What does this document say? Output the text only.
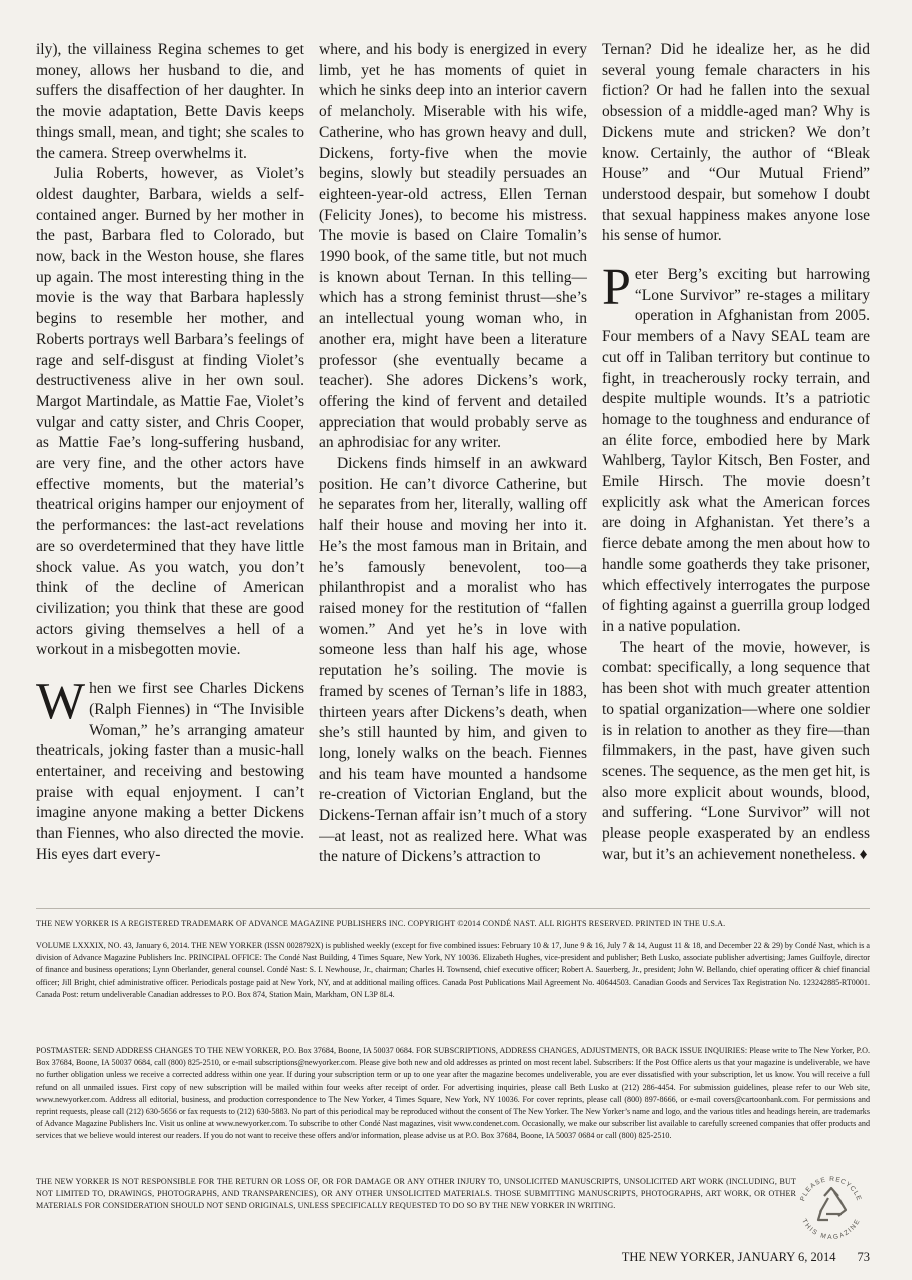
ily), the villainess Regina schemes to get money, allows her husband to die, and suffers the disaffection of her daughter. In the movie adaptation, Bette Davis keeps things small, mean, and tight; she scales to the camera. Streep overwhelms it.

Julia Roberts, however, as Violet’s oldest daughter, Barbara, wields a self-contained anger. Burned by her mother in the past, Barbara fled to Colorado, but now, back in the Weston house, she flares up again. The most interesting thing in the movie is the way that Barbara haplessly begins to resemble her mother, and Roberts portrays well Barbara’s feelings of rage and self-disgust at finding Violet’s destructiveness alive in her own soul. Margot Martindale, as Mattie Fae, Violet’s vulgar and catty sister, and Chris Cooper, as Mattie Fae’s long-suffering husband, are very fine, and the other actors have effective moments, but the material’s theatrical origins hamper our enjoyment of the performances: the last-act revelations are so overdetermined that they have little shock value. As you watch, you don’t think of the decline of American civilization; you think that these are good actors giving themselves a hell of a workout in a misbegotten movie.

When we first see Charles Dickens (Ralph Fiennes) in “The Invisible Woman,” he’s arranging amateur theatricals, joking faster than a music-hall entertainer, and receiving and bestowing praise with equal enjoyment. I can’t imagine anyone making a better Dickens than Fiennes, who also directed the movie. His eyes dart every-

where, and his body is energized in every limb, yet he has moments of quiet in which he sinks deep into an interior cavern of melancholy. Miserable with his wife, Catherine, who has grown heavy and dull, Dickens, forty-five when the movie begins, slowly but steadily persuades an eighteen-year-old actress, Ellen Ternan (Felicity Jones), to become his mistress. The movie is based on Claire Tomalin’s 1990 book, of the same title, but not much is known about Ternan. In this telling—which has a strong feminist thrust—she’s an intellectual young woman who, in another era, might have been a literature professor (she eventually became a teacher). She adores Dickens’s work, offering the kind of fervent and detailed appreciation that would probably serve as an aphrodisiac for any writer.

Dickens finds himself in an awkward position. He can’t divorce Catherine, but he separates from her, literally, walling off half their house and moving her into it. He’s the most famous man in Britain, and he’s famously benevolent, too—a philanthropist and a moralist who has raised money for the restitution of “fallen women.” And yet he’s in love with someone less than half his age, whose reputation he’s soiling. The movie is framed by scenes of Ternan’s life in 1883, thirteen years after Dickens’s death, when she’s still haunted by him, and given to long, lonely walks on the beach. Fiennes and his team have mounted a handsome re-creation of Victorian England, but the Dickens-Ternan affair isn’t much of a story—at least, not as realized here. What was the nature of Dickens’s attraction to

Ternan? Did he idealize her, as he did several young female characters in his fiction? Or had he fallen into the sexual obsession of a middle-aged man? Why is Dickens mute and stricken? We don’t know. Certainly, the author of “Bleak House” and “Our Mutual Friend” understood despair, but somehow I doubt that sexual happiness makes anyone lose his sense of humor.

Peter Berg’s exciting but harrowing “Lone Survivor” re-stages a military operation in Afghanistan from 2005. Four members of a Navy SEAL team are cut off in Taliban territory but continue to fight, in treacherously rocky terrain, and despite multiple wounds. It’s a patriotic homage to the toughness and endurance of an élite force, embodied here by Mark Wahlberg, Taylor Kitsch, Ben Foster, and Emile Hirsch. The movie doesn’t explicitly ask what the American forces are doing in Afghanistan. Yet there’s a fierce debate among the men about how to handle some goatherds they take prisoner, which effectively interrogates the purpose of fighting against a guerrilla group lodged in a native population.

The heart of the movie, however, is combat: specifically, a long sequence that has been shot with much greater attention to spatial organization—where one soldier is in relation to another as they fire—than filmmakers, in the past, have given such scenes. The sequence, as the men get hit, is also more explicit about wounds, blood, and suffering. “Lone Survivor” will not please people exasperated by an endless war, but it’s an achievement nonetheless. ♦

THE NEW YORKER IS A REGISTERED TRADEMARK OF ADVANCE MAGAZINE PUBLISHERS INC. COPYRIGHT ©2014 CONDÉ NAST. ALL RIGHTS RESERVED. PRINTED IN THE U.S.A.

VOLUME LXXXIX, NO. 43, January 6, 2014. THE NEW YORKER (ISSN 0028792X) is published weekly (except for five combined issues: February 10 & 17, June 9 & 16, July 7 & 14, August 11 & 18, and December 22 & 29) by Condé Nast, which is a division of Advance Magazine Publishers Inc. PRINCIPAL OFFICE: The Condé Nast Building, 4 Times Square, New York, NY 10036. Elizabeth Hughes, vice-president and publisher; Beth Lusko, associate publisher advertising; James Guilfoyle, director of finance and business operations; Lynn Oberlander, general counsel. Condé Nast: S. I. Newhouse, Jr., chairman; Charles H. Townsend, chief executive officer; Robert A. Sauerberg, Jr., president; John W. Bellando, chief operating officer & chief financial officer; Jill Bright, chief administrative officer. Periodicals postage paid at New York, NY, and at additional mailing offices. Canada Post Publications Mail Agreement No. 40644503. Canadian Goods and Services Tax Registration No. 123242885-RT0001. Canada Post: return undeliverable Canadian addresses to P.O. Box 874, Station Main, Markham, ON L3P 8L4.

POSTMASTER: SEND ADDRESS CHANGES TO THE NEW YORKER, P.O. Box 37684, Boone, IA 50037 0684. FOR SUBSCRIPTIONS, ADDRESS CHANGES, ADJUSTMENTS, OR BACK ISSUE INQUIRIES: Please write to The New Yorker, P.O. Box 37684, Boone, IA 50037 0684, call (800) 825-2510, or e-mail subscriptions@newyorker.com. Please give both new and old addresses as printed on most recent label. Subscribers: If the Post Office alerts us that your magazine is undeliverable, we have no further obligation unless we receive a corrected address within one year. If during your subscription term or up to one year after the magazine becomes undeliverable, you are ever dissatisfied with your subscription, let us know. You will receive a full refund on all unmailed issues. First copy of new subscription will be mailed within four weeks after receipt of order. For advertising inquiries, please call Beth Lusko at (212) 286-4454. For submission guidelines, please refer to our Web site, www.newyorker.com. Address all editorial, business, and production correspondence to The New Yorker, 4 Times Square, New York, NY 10036. For cover reprints, please call (800) 897-8666, or e-mail covers@cartoonbank.com. For permissions and reprint requests, please call (212) 630-5656 or fax requests to (212) 630-5883. No part of this periodical may be reproduced without the consent of The New Yorker. The New Yorker’s name and logo, and the various titles and headings herein, are trademarks of Advance Magazine Publishers Inc. Visit us online at www.newyorker.com. To subscribe to other Condé Nast magazines, visit www.condenet.com. Occasionally, we make our subscriber list available to carefully screened companies that offer products and services that we believe would interest our readers. If you do not want to receive these offers and/or information, please advise us at P.O. Box 37684, Boone, IA 50037 0684 or call (800) 825-2510.

THE NEW YORKER IS NOT RESPONSIBLE FOR THE RETURN OR LOSS OF, OR FOR DAMAGE OR ANY OTHER INJURY TO, UNSOLICITED MANUSCRIPTS, UNSOLICITED ART WORK (INCLUDING, BUT NOT LIMITED TO, DRAWINGS, PHOTOGRAPHS, AND TRANSPARENCIES), OR ANY OTHER UNSOLICITED MATERIALS. THOSE SUBMITTING MANUSCRIPTS, PHOTOGRAPHS, ART WORK, OR OTHER MATERIALS FOR CONSIDERATION SHOULD NOT SEND ORIGINALS, UNLESS SPECIFICALLY REQUESTED TO DO SO BY THE NEW YORKER IN WRITING.

PLEASE RECYCLE
THIS MAGAZINE
THE NEW YORKER, JANUARY 6, 2014 73
